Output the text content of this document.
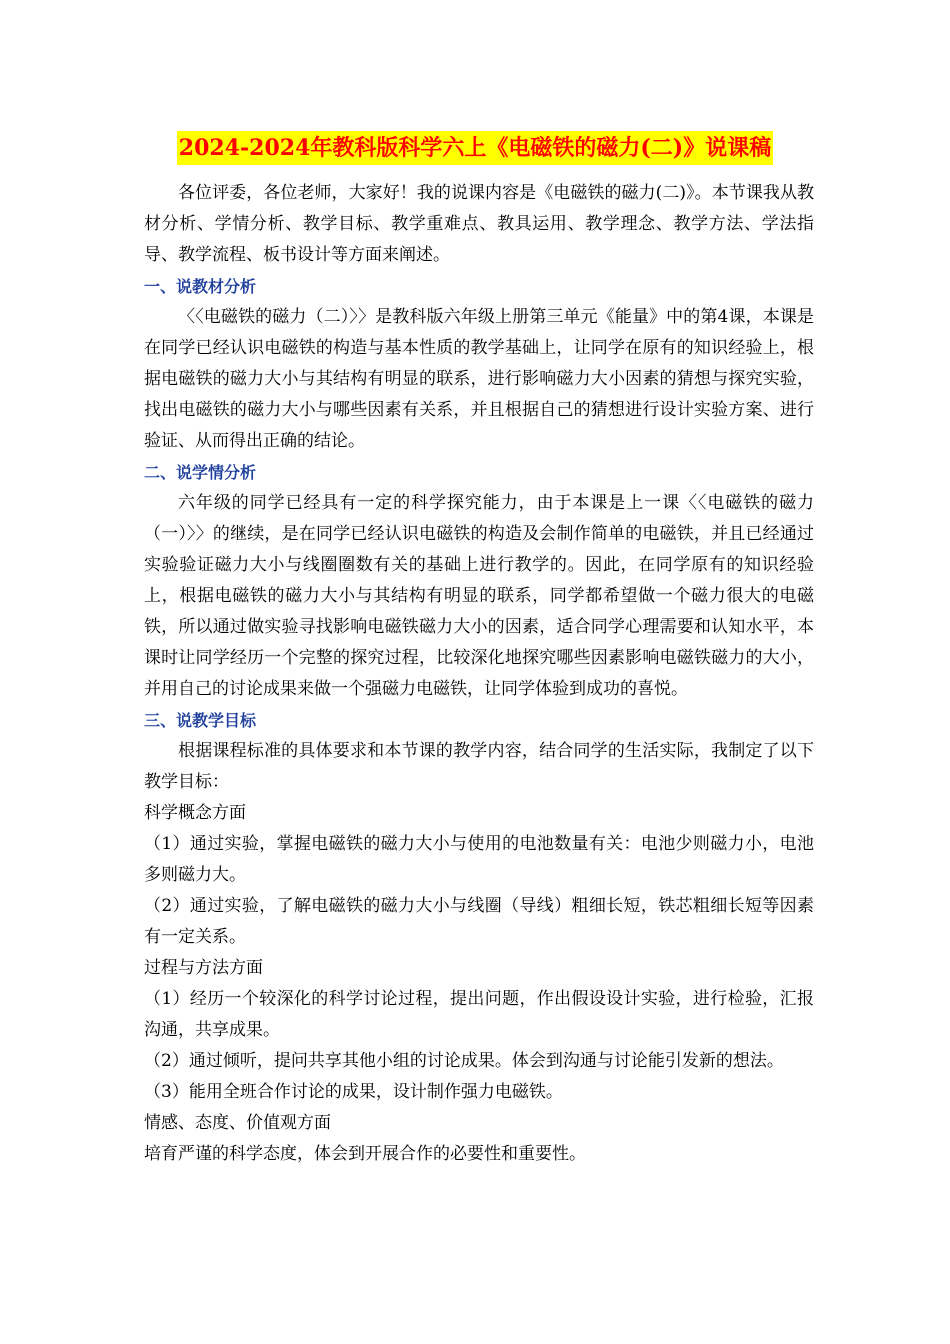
2024-2024年教科版科学六上《电磁铁的磁力(二)》说课稿

各位评委，各位老师，大家好！我的说课内容是《电磁铁的磁力(二)》。本节课我从教材分析、学情分析、教学目标、教学重难点、教具运用、教学理念、教学方法、学法指导、教学流程、板书设计等方面来阐述。

一、说教材分析

〈〈电磁铁的磁力（二）〉〉是教科版六年级上册第三单元《能量》中的第4课，本课是在同学已经认识电磁铁的构造与基本性质的教学基础上，让同学在原有的知识经验上，根据电磁铁的磁力大小与其结构有明显的联系，进行影响磁力大小因素的猜想与探究实验，找出电磁铁的磁力大小与哪些因素有关系，并且根据自己的猜想进行设计实验方案、进行验证、从而得出正确的结论。

二、说学情分析

六年级的同学已经具有一定的科学探究能力，由于本课是上一课〈〈电磁铁的磁力（一）〉〉的继续，是在同学已经认识电磁铁的构造及会制作简单的电磁铁，并且已经通过实验验证磁力大小与线圈圈数有关的基础上进行教学的。因此，在同学原有的知识经验上，根据电磁铁的磁力大小与其结构有明显的联系，同学都希望做一个磁力很大的电磁铁，所以通过做实验寻找影响电磁铁磁力大小的因素，适合同学心理需要和认知水平，本课时让同学经历一个完整的探究过程，比较深化地探究哪些因素影响电磁铁磁力的大小，并用自己的讨论成果来做一个强磁力电磁铁，让同学体验到成功的喜悦。

三、说教学目标

根据课程标准的具体要求和本节课的教学内容，结合同学的生活实际，我制定了以下教学目标：

科学概念方面

（1）通过实验，掌握电磁铁的磁力大小与使用的电池数量有关：电池少则磁力小，电池多则磁力大。

（2）通过实验，了解电磁铁的磁力大小与线圈（导线）粗细长短，铁芯粗细长短等因素有一定关系。

过程与方法方面

（1）经历一个较深化的科学讨论过程，提出问题，作出假设设计实验，进行检验，汇报沟通，共享成果。

（2）通过倾听，提问共享其他小组的讨论成果。体会到沟通与讨论能引发新的想法。

（3）能用全班合作讨论的成果，设计制作强力电磁铁。

情感、态度、价值观方面

培育严谨的科学态度，体会到开展合作的必要性和重要性。
